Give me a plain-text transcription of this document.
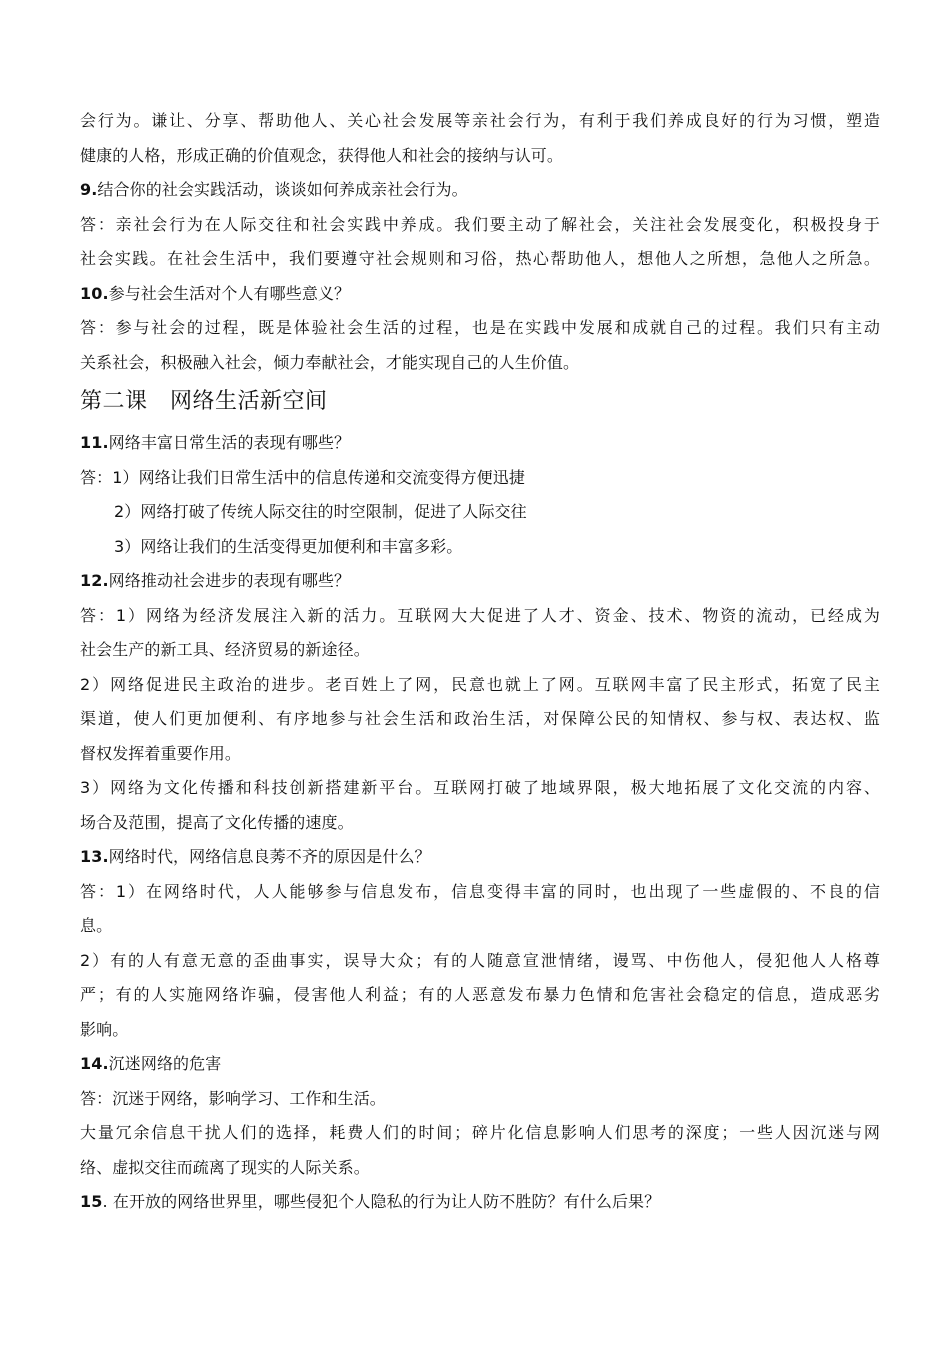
会行为。谦让、分享、帮助他人、关心社会发展等亲社会行为，有利于我们养成良好的行为习惯，塑造
健康的人格，形成正确的价值观念，获得他人和社会的接纳与认可。
9.结合你的社会实践活动，谈谈如何养成亲社会行为。
答：亲社会行为在人际交往和社会实践中养成。我们要主动了解社会，关注社会发展变化，积极投身于
社会实践。在社会生活中，我们要遵守社会规则和习俗，热心帮助他人，想他人之所想，急他人之所急。
10.参与社会生活对个人有哪些意义？
答：参与社会的过程，既是体验社会生活的过程，也是在实践中发展和成就自己的过程。我们只有主动
关系社会，积极融入社会，倾力奉献社会，才能实现自己的人生价值。
第二课　网络生活新空间
11.网络丰富日常生活的表现有哪些？
答：1）网络让我们日常生活中的信息传递和交流变得方便迅捷
2）网络打破了传统人际交往的时空限制，促进了人际交往
3）网络让我们的生活变得更加便利和丰富多彩。
12.网络推动社会进步的表现有哪些？
答：1）网络为经济发展注入新的活力。互联网大大促进了人才、资金、技术、物资的流动，已经成为
社会生产的新工具、经济贸易的新途径。
2）网络促进民主政治的进步。老百姓上了网，民意也就上了网。互联网丰富了民主形式，拓宽了民主
渠道，使人们更加便利、有序地参与社会生活和政治生活，对保障公民的知情权、参与权、表达权、监
督权发挥着重要作用。
3）网络为文化传播和科技创新搭建新平台。互联网打破了地域界限，极大地拓展了文化交流的内容、
场合及范围，提高了文化传播的速度。
13.网络时代，网络信息良莠不齐的原因是什么？
答：1）在网络时代，人人能够参与信息发布，信息变得丰富的同时，也出现了一些虚假的、不良的信
息。
2）有的人有意无意的歪曲事实，误导大众；有的人随意宣泄情绪，谩骂、中伤他人，侵犯他人人格尊
严；有的人实施网络诈骗，侵害他人利益；有的人恶意发布暴力色情和危害社会稳定的信息，造成恶劣
影响。
14.沉迷网络的危害
答：沉迷于网络，影响学习、工作和生活。
大量冗余信息干扰人们的选择，耗费人们的时间；碎片化信息影响人们思考的深度；一些人因沉迷与网
络、虚拟交往而疏离了现实的人际关系。
15. 在开放的网络世界里，哪些侵犯个人隐私的行为让人防不胜防？有什么后果？
